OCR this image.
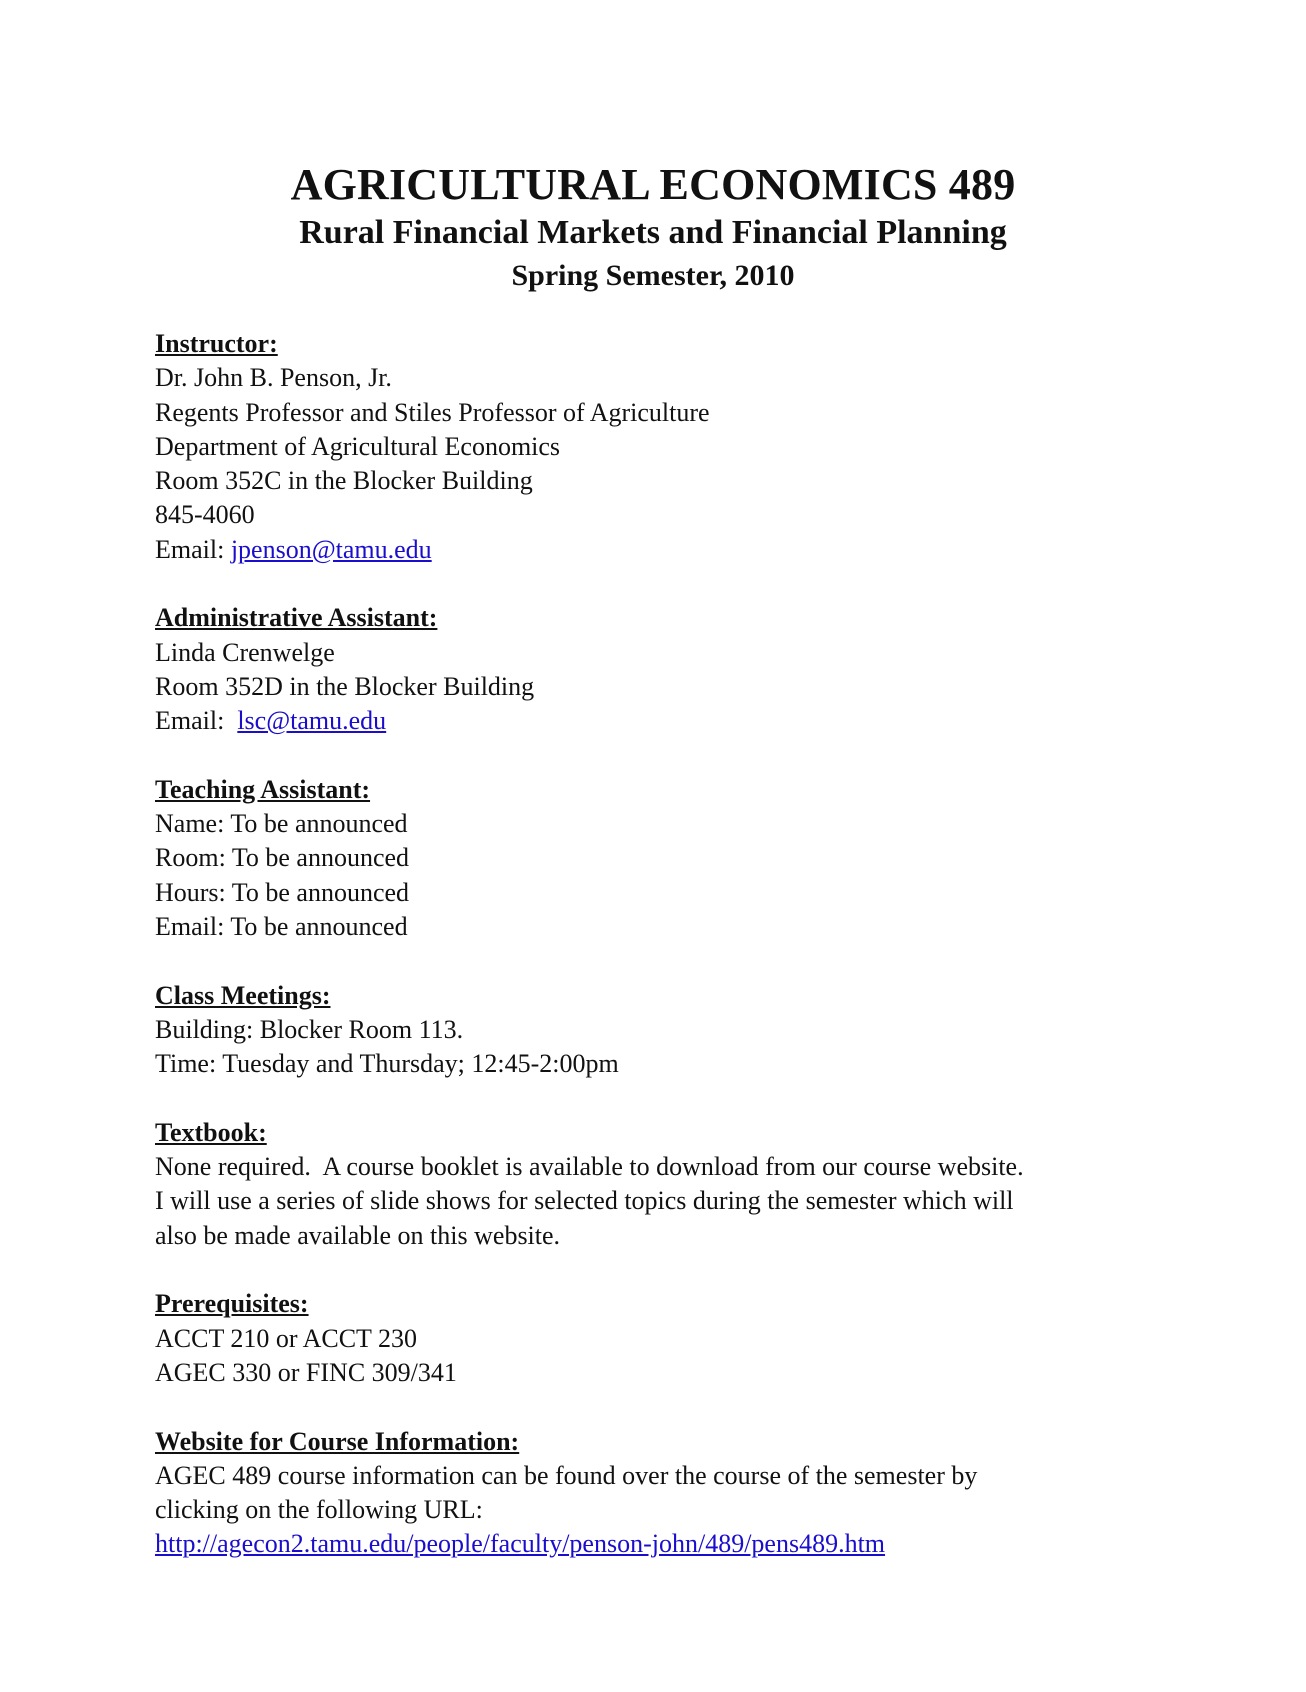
AGRICULTURAL ECONOMICS 489
Rural Financial Markets and Financial Planning
Spring Semester, 2010
Instructor:
Dr. John B. Penson, Jr.
Regents Professor and Stiles Professor of Agriculture
Department of Agricultural Economics
Room 352C in the Blocker Building
845-4060
Email: jpenson@tamu.edu
Administrative Assistant:
Linda Crenwelge
Room 352D in the Blocker Building
Email:  lsc@tamu.edu
Teaching Assistant:
Name: To be announced
Room: To be announced
Hours: To be announced
Email: To be announced
Class Meetings:
Building: Blocker Room 113.
Time: Tuesday and Thursday; 12:45-2:00pm
Textbook:
None required.  A course booklet is available to download from our course website.
I will use a series of slide shows for selected topics during the semester which will
also be made available on this website.
Prerequisites:
ACCT 210 or ACCT 230
AGEC 330 or FINC 309/341
Website for Course Information:
AGEC 489 course information can be found over the course of the semester by
clicking on the following URL:
http://agecon2.tamu.edu/people/faculty/penson-john/489/pens489.htm
